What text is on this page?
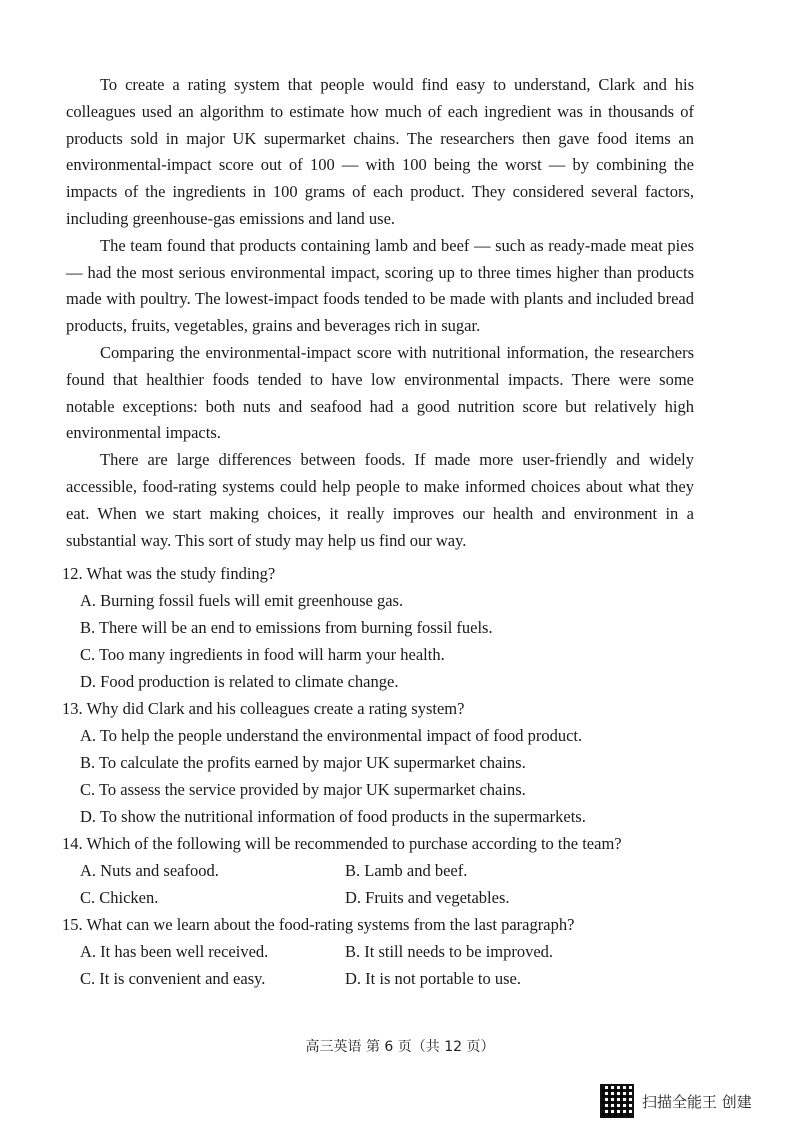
To create a rating system that people would find easy to understand, Clark and his colleagues used an algorithm to estimate how much of each ingredient was in thousands of products sold in major UK supermarket chains. The researchers then gave food items an environmental-impact score out of 100 — with 100 being the worst — by combining the impacts of the ingredients in 100 grams of each product. They considered several factors, including greenhouse-gas emissions and land use.

The team found that products containing lamb and beef — such as ready-made meat pies — had the most serious environmental impact, scoring up to three times higher than products made with poultry. The lowest-impact foods tended to be made with plants and included bread products, fruits, vegetables, grains and beverages rich in sugar.

Comparing the environmental-impact score with nutritional information, the researchers found that healthier foods tended to have low environmental impacts. There were some notable exceptions: both nuts and seafood had a good nutrition score but relatively high environmental impacts.

There are large differences between foods. If made more user-friendly and widely accessible, food-rating systems could help people to make informed choices about what they eat. When we start making choices, it really improves our health and environment in a substantial way. This sort of study may help us find our way.

12. What was the study finding?

A. Burning fossil fuels will emit greenhouse gas.

B. There will be an end to emissions from burning fossil fuels.

C. Too many ingredients in food will harm your health.

D. Food production is related to climate change.

13. Why did Clark and his colleagues create a rating system?

A. To help the people understand the environmental impact of food product.

B. To calculate the profits earned by major UK supermarket chains.

C. To assess the service provided by major UK supermarket chains.

D. To show the nutritional information of food products in the supermarkets.

14. Which of the following will be recommended to purchase according to the team?

A. Nuts and seafood.	B. Lamb and beef.
C. Chicken.	D. Fruits and vegetables.

15. What can we learn about the food-rating systems from the last paragraph?

A. It has been well received.	B. It still needs to be improved.
C. It is convenient and easy.	D. It is not portable to use.
高三英语 第 6 页（共 12 页）
扫描全能王 创建
